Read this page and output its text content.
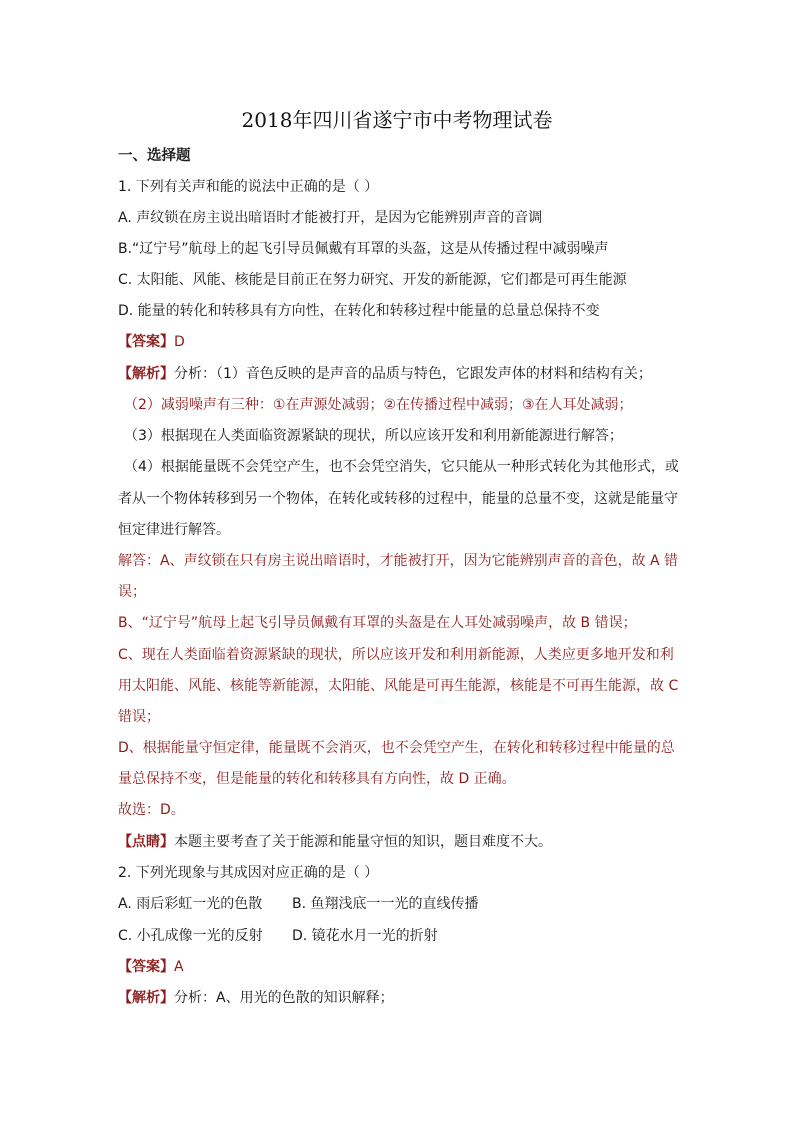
2018年四川省遂宁市中考物理试卷
一、选择题
1. 下列有关声和能的说法中正确的是（ ）
A. 声纹锁在房主说出暗语时才能被打开，是因为它能辨别声音的音调
B.“辽宁号”航母上的起飞引导员佩戴有耳罩的头盔，这是从传播过程中减弱噪声
C. 太阳能、风能、核能是目前正在努力研究、开发的新能源，它们都是可再生能源
D. 能量的转化和转移具有方向性，在转化和转移过程中能量的总量总保持不变
【答案】D
【解析】分析：（1）音色反映的是声音的品质与特色，它跟发声体的材料和结构有关；
（2）减弱噪声有三种：①在声源处减弱；②在传播过程中减弱；③在人耳处减弱；
（3）根据现在人类面临资源紧缺的现状，所以应该开发和利用新能源进行解答；
（4）根据能量既不会凭空产生，也不会凭空消失，它只能从一种形式转化为其他形式，或
者从一个物体转移到另一个物体，在转化或转移的过程中，能量的总量不变，这就是能量守
恒定律进行解答。
解答：A、声纹锁在只有房主说出暗语时，才能被打开，因为它能辨别声音的音色，故 A 错
误；
B、“辽宁号”航母上起飞引导员佩戴有耳罩的头盔是在人耳处减弱噪声，故 B 错误；
C、现在人类面临着资源紧缺的现状，所以应该开发和利用新能源，人类应更多地开发和利
用太阳能、风能、核能等新能源，太阳能、风能是可再生能源，核能是不可再生能源，故 C
错误；
D、根据能量守恒定律，能量既不会消灭，也不会凭空产生，在转化和转移过程中能量的总
量总保持不变，但是能量的转化和转移具有方向性，故 D 正确。
故选：D。
【点睛】本题主要考查了关于能源和能量守恒的知识，题目难度不大。
2. 下列光现象与其成因对应正确的是（ ）
A. 雨后彩虹一光的色散 B. 鱼翔浅底一一光的直线传播
C. 小孔成像一光的反射 D. 镜花水月一光的折射
【答案】A
【解析】分析：A、用光的色散的知识解释；
